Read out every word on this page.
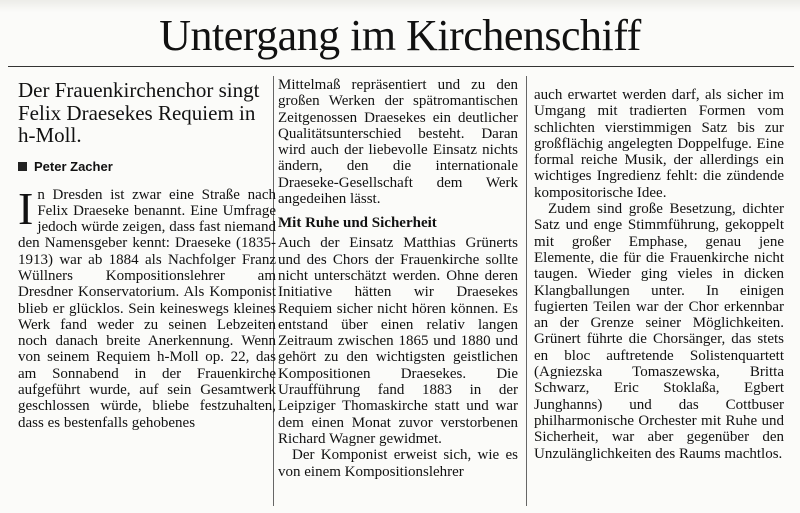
Untergang im Kirchenschiff

Der Frauenkirchenchor singt Felix Draesekes Requiem in h-Moll.

Peter Zacher
I n Dresden ist zwar eine Straße nach Felix Draeseke benannt. Eine Umfrage jedoch würde zeigen, dass fast niemand den Namensgeber kennt: Draeseke (1835-1913) war ab 1884 als Nachfolger Franz Wüllners Kompositionslehrer am Dresdner Konservatorium. Als Komponist blieb er glücklos. Sein keineswegs kleines Werk fand weder zu seinen Lebzeiten noch danach breite Anerkennung. Wenn von seinem Requiem h-Moll op. 22, das am Sonnabend in der Frauenkirche aufgeführt wurde, auf sein Gesamtwerk geschlossen würde, bliebe festzuhalten, dass es bestenfalls gehobenes

Mittelmaß repräsentiert und zu den großen Werken der spätromantischen Zeitgenossen Draesekes ein deutlicher Qualitätsunterschied besteht. Daran wird auch der liebevolle Einsatz nichts ändern, den die internationale Draeseke-Gesellschaft dem Werk angedeihen lässt.

Mit Ruhe und Sicherheit

Auch der Einsatz Matthias Grünerts und des Chors der Frauenkirche sollte nicht unterschätzt werden. Ohne deren Initiative hätten wir Draesekes Requiem sicher nicht hören können. Es entstand über einen relativ langen Zeitraum zwischen 1865 und 1880 und gehört zu den wichtigsten geistlichen Kompositionen Draesekes. Die Uraufführung fand 1883 in der Leipziger Thomaskirche statt und war dem einen Monat zuvor verstorbenen Richard Wagner gewidmet.

Der Komponist erweist sich, wie es von einem Kompositionslehrer

auch erwartet werden darf, als sicher im Umgang mit tradierten Formen vom schlichten vierstimmigen Satz bis zur großflächig angelegten Doppelfuge. Eine formal reiche Musik, der allerdings ein wichtiges Ingredienz fehlt: die zündende kompositorische Idee.

Zudem sind große Besetzung, dichter Satz und enge Stimmführung, gekoppelt mit großer Emphase, genau jene Elemente, die für die Frauenkirche nicht taugen. Wieder ging vieles in dicken Klangballungen unter. In einigen fugierten Teilen war der Chor erkennbar an der Grenze seiner Möglichkeiten. Grünert führte die Chorsänger, das stets en bloc auftretende Solistenquartett (Agniezska Tomaszewska, Britta Schwarz, Eric Stoklaßa, Egbert Junghanns) und das Cottbuser philharmonische Orchester mit Ruhe und Sicherheit, war aber gegenüber den Unzulänglichkeiten des Raums machtlos.
